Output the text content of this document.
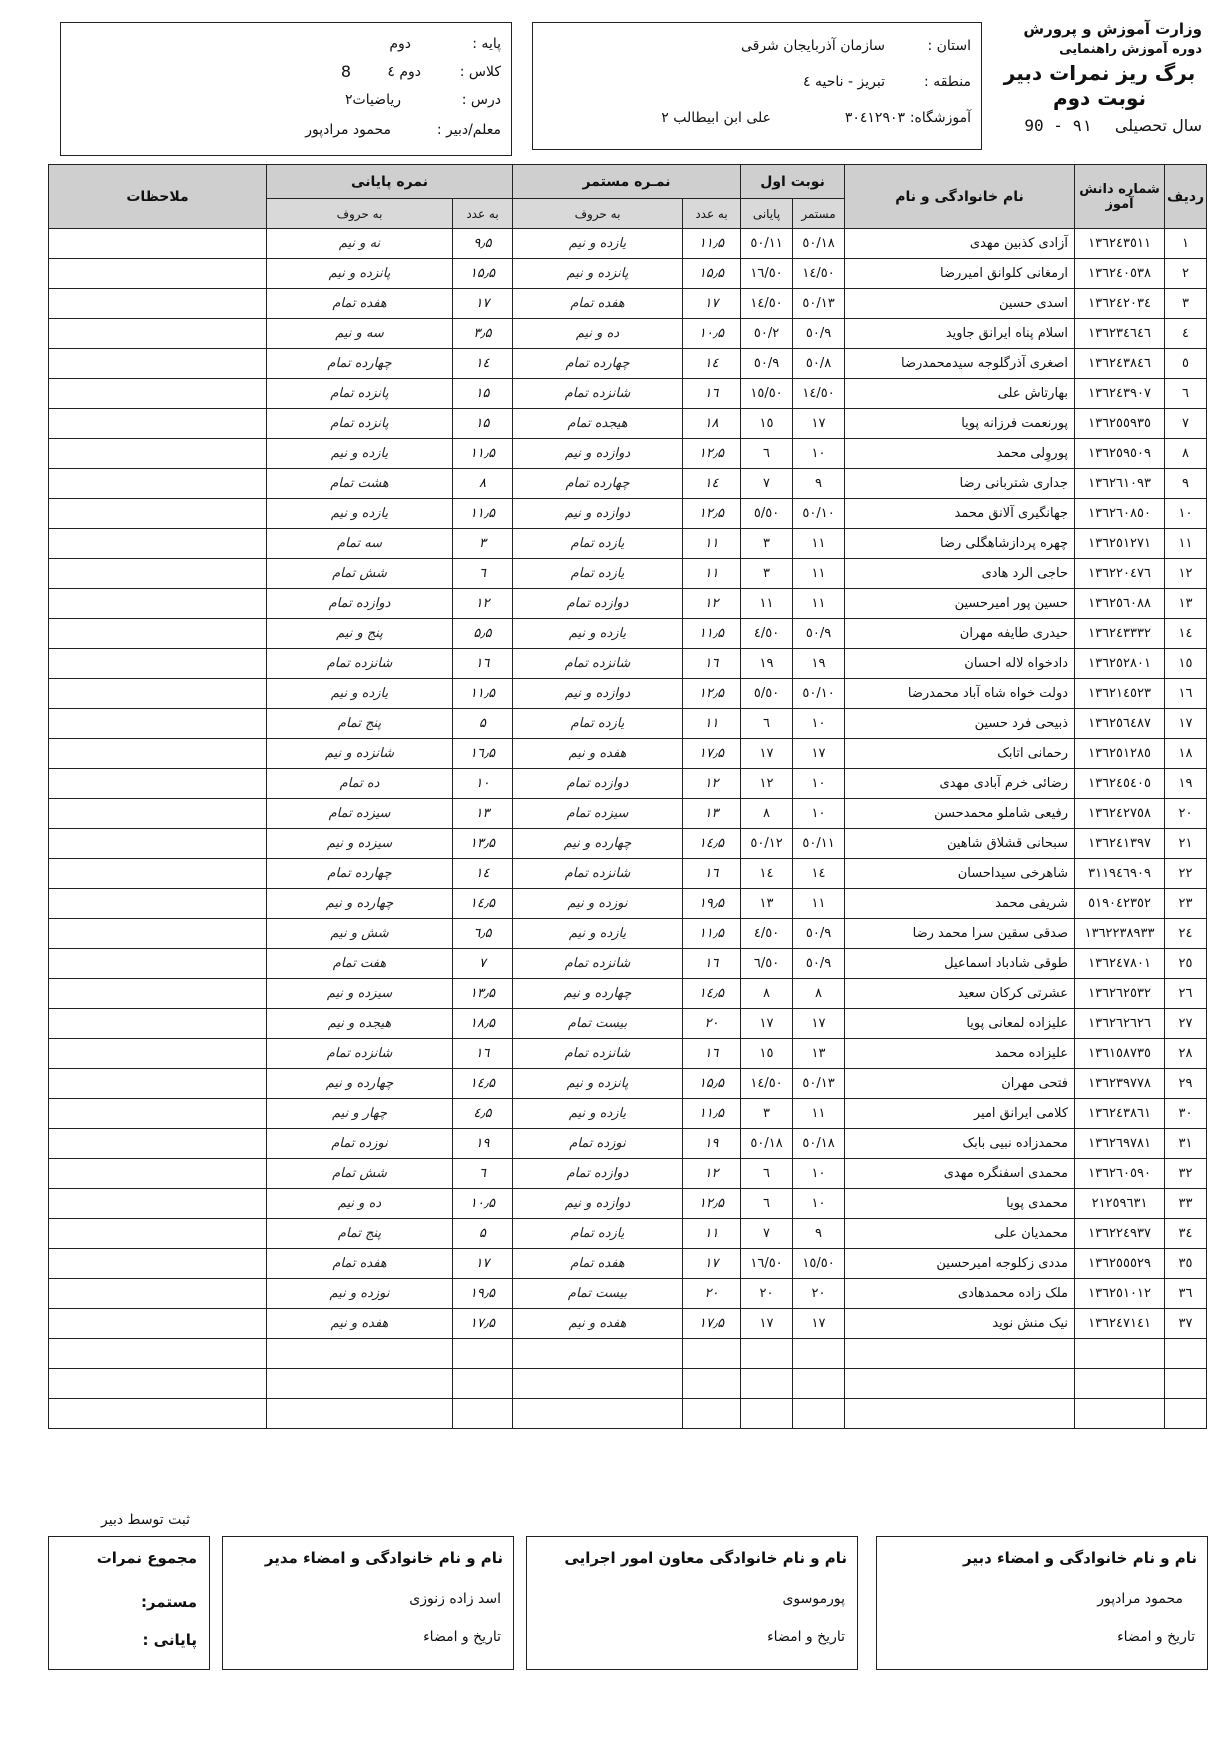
وزارت آموزش و پرورش
دوره آموزش راهنمایی
برگ ریز نمرات دبیر
نوبت دوم
سال تحصیلی ۹۱ - 90
استان :
سازمان آذربایجان شرقی
منطقه :
تبریز - ناحیه ٤
آموزشگاه:
۳۰٤۱۲۹۰۳
علی ابن ابیطالب ۲
پایه :
دوم
کلاس :
دوم ٤
8
درس :
ریاضیات۲
معلم/دبیر :
محمود مرادپور
ردیف	شماره دانش آموز	نام خانوادگی و نام	نوبت اول		نمـره مستمر		نمره پایانی		ملاحظات
			مستمر	پایانی	به عدد	به حروف	به عدد	به حروف	
۱	۱۳٦۲٤۳٥۱۱	آزادی کذبین مهدی	۱۸/٥۰	۱۱/٥۰	۱۱٫۵	یازده و نیم	۹٫۵	نه و نیم	
۲	۱۳٦۲٤۰٥۳۸	ارمغانی کلوانق امیررضا	۱٤/٥۰	۱٦/٥۰	۱۵٫۵	پانزده و نیم	۱۵٫۵	پانزده و نیم	
۳	۱۳٦۲٤۲۰۳٤	اسدی حسین	۱۳/٥۰	۱٤/٥۰	۱۷	هفده تمام	۱۷	هفده تمام	
٤	۱۳٦۲۳٤٦٤٦	اسلام پناه ایرانق جاوید	۹/٥۰	۲/٥۰	۱۰٫۵	ده و نیم	۳٫۵	سه و نیم	
٥	۱۳٦۲٤۳۸٤٦	اصغری آذرگلوجه سیدمحمدرضا	۸/٥۰	۹/٥۰	۱٤	چهارده تمام	۱٤	چهارده تمام	
٦	۱۳٦۲٤۳۹۰۷	بهارتاش علی	۱٤/٥۰	۱٥/٥۰	۱٦	شانزده تمام	۱۵	پانزده تمام	
۷	۱۳٦۲٥٥۹۳٥	پورنعمت فرزانه پویا	۱۷	۱٥	۱۸	هیجده تمام	۱۵	پانزده تمام	
۸	۱۳٦۲٥۹٥۰۹	پوروِلی محمد	۱۰	٦	۱۲٫۵	دوازده و نیم	۱۱٫۵	یازده و نیم	
۹	۱۳٦۲٦۱۰۹۳	جداری شتربانی رضا	۹	۷	۱٤	چهارده تمام	۸	هشت تمام	
۱۰	۱۳٦۲٦۰۸٥۰	جهانگیری آلانق محمد	۱۰/٥۰	٥/٥۰	۱۲٫۵	دوازده و نیم	۱۱٫۵	یازده و نیم	
۱۱	۱۳٦۲٥۱۲۷۱	چهره پردازشاهگلی رضا	۱۱	۳	۱۱	یازده تمام	۳	سه تمام	
۱۲	۱۳٦۲۲۰٤۷٦	حاجی الرد هادی	۱۱	۳	۱۱	یازده تمام	٦	شش تمام	
۱۳	۱۳٦۲٥٦۰۸۸	حسین پور امیرحسین	۱۱	۱۱	۱۲	دوازده تمام	۱۲	دوازده تمام	
۱٤	۱۳٦۲٤۳۳۳۲	حیدری طایفه مهران	۹/٥۰	٤/٥۰	۱۱٫۵	یازده و نیم	۵٫۵	پنج و نیم	
۱٥	۱۳٦۲٥۲۸۰۱	دادخواه لاله احسان	۱۹	۱۹	۱٦	شانزده تمام	۱٦	شانزده تمام	
۱٦	۱۳٦۲۱٤٥۲۳	دولت خواه شاه آباد محمدرضا	۱۰/٥۰	٥/٥۰	۱۲٫۵	دوازده و نیم	۱۱٫۵	یازده و نیم	
۱۷	۱۳٦۲٥٦٤۸۷	ذبیحی فرد حسین	۱۰	٦	۱۱	یازده تمام	۵	پنج تمام	
۱۸	۱۳٦۲٥۱۲۸٥	رحمانی اتابک	۱۷	۱۷	۱۷٫۵	هفده و نیم	۱٦٫۵	شانزده و نیم	
۱۹	۱۳٦۲٤٥٤۰٥	رضائی خرم آبادی مهدی	۱۰	۱۲	۱۲	دوازده تمام	۱۰	ده تمام	
۲۰	۱۳٦۲٤۲۷٥۸	رفیعی شاملو محمدحسن	۱۰	۸	۱۳	سیزده تمام	۱۳	سیزده تمام	
۲۱	۱۳٦۲٤۱۳۹۷	سبحانی قشلاق شاهین	۱۱/٥۰	۱۲/٥۰	۱٤٫۵	چهارده و نیم	۱۳٫۵	سیزده و نیم	
۲۲	۳۱۱۹٤٦۹۰۹	شاهرخی سیداحسان	۱٤	۱٤	۱٦	شانزده تمام	۱٤	چهارده تمام	
۲۳	٥۱۹۰٤۲۳٥۲	شریفی محمد	۱۱	۱۳	۱۹٫۵	نوزده و نیم	۱٤٫۵	چهارده و نیم	
۲٤	۱۳٦۲۲۳۸۹۳۳	صدقی سقین سرا محمد رضا	۹/٥۰	٤/٥۰	۱۱٫۵	یازده و نیم	٦٫۵	شش و نیم	
۲٥	۱۳٦۲٤۷۸۰۱	طوقی شادباد اسماعیل	۹/٥۰	٦/٥۰	۱٦	شانزده تمام	۷	هفت تمام	
۲٦	۱۳٦۲٦۲٥۳۲	عشرتی کرکان سعید	۸	۸	۱٤٫۵	چهارده و نیم	۱۳٫۵	سیزده و نیم	
۲۷	۱۳٦۲٦۲٦۲٦	علیزاده لمعانی پویا	۱۷	۱۷	۲۰	بیست تمام	۱۸٫۵	هیجده و نیم	
۲۸	۱۳٦۱٥۸۷۳٥	علیزاده محمد	۱۳	۱٥	۱٦	شانزده تمام	۱٦	شانزده تمام	
۲۹	۱۳٦۲۳۹۷۷۸	فتحی مهران	۱۳/٥۰	۱٤/٥۰	۱۵٫۵	پانزده و نیم	۱٤٫۵	چهارده و نیم	
۳۰	۱۳٦۲٤۳۸٦۱	کلامی ایرانق امیر	۱۱	۳	۱۱٫۵	یازده و نیم	٤٫۵	چهار و نیم	
۳۱	۱۳٦۲٦۹۷۸۱	محمدزاده نبیی بابک	۱۸/٥۰	۱۸/٥۰	۱۹	نوزده تمام	۱۹	نوزده تمام	
۳۲	۱۳٦۲٦۰٥۹۰	محمدی اسفنگره مهدی	۱۰	٦	۱۲	دوازده تمام	٦	شش تمام	
۳۳	۲۱۲٥۹٦۳۱	محمدی پویا	۱۰	٦	۱۲٫۵	دوازده و نیم	۱۰٫۵	ده و نیم	
۳٤	۱۳٦۲۲٤۹۳۷	محمدیان علی	۹	۷	۱۱	یازده تمام	۵	پنج تمام	
۳٥	۱۳٦۲٥٥٥۲۹	مددی زکلوجه امیرحسین	۱٥/٥۰	۱٦/٥۰	۱۷	هفده تمام	۱۷	هفده تمام	
۳٦	۱۳٦۲٥۱۰۱۲	ملک زاده محمدهادی	۲۰	۲۰	۲۰	بیست تمام	۱۹٫۵	نوزده و نیم	
۳۷	۱۳٦۲٤۷۱٤۱	نیک منش نوید	۱۷	۱۷	۱۷٫۵	هفده و نیم	۱۷٫۵	هفده و نیم	

ثبت توسط دبیر
نام و نام خانوادگی و امضاء دبیر
محمود مرادپور
تاریخ و امضاء
نام و نام خانوادگی معاون امور اجرایی
پورموسوی
تاریخ و امضاء
نام و نام خانوادگی و امضاء مدیر
اسد زاده زنوزی
تاریخ و امضاء
مجموع نمرات
مستمر:
پایانی :
